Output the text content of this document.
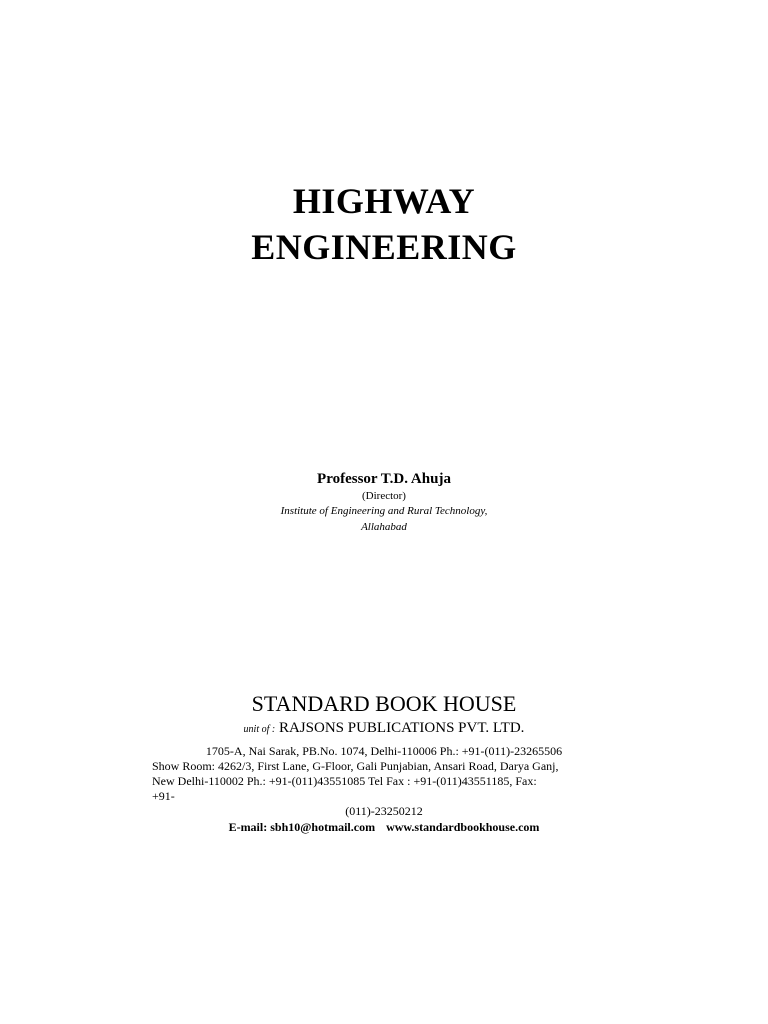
HIGHWAY
ENGINEERING
Professor T.D. Ahuja
(Director)
Institute of Engineering and Rural Technology,
Allahabad
STANDARD BOOK HOUSE
unit of : RAJSONS PUBLICATIONS PVT. LTD.
1705-A, Nai Sarak, PB.No. 1074, Delhi-110006 Ph.: +91-(011)-23265506
Show Room: 4262/3, First Lane, G-Floor, Gali Punjabian, Ansari Road, Darya Ganj,
New Delhi-110002 Ph.: +91-(011)43551085 Tel Fax : +91-(011)43551185, Fax:
+91-
(011)-23250212
E-mail: sbh10@hotmail.com www.standardbookhouse.com
